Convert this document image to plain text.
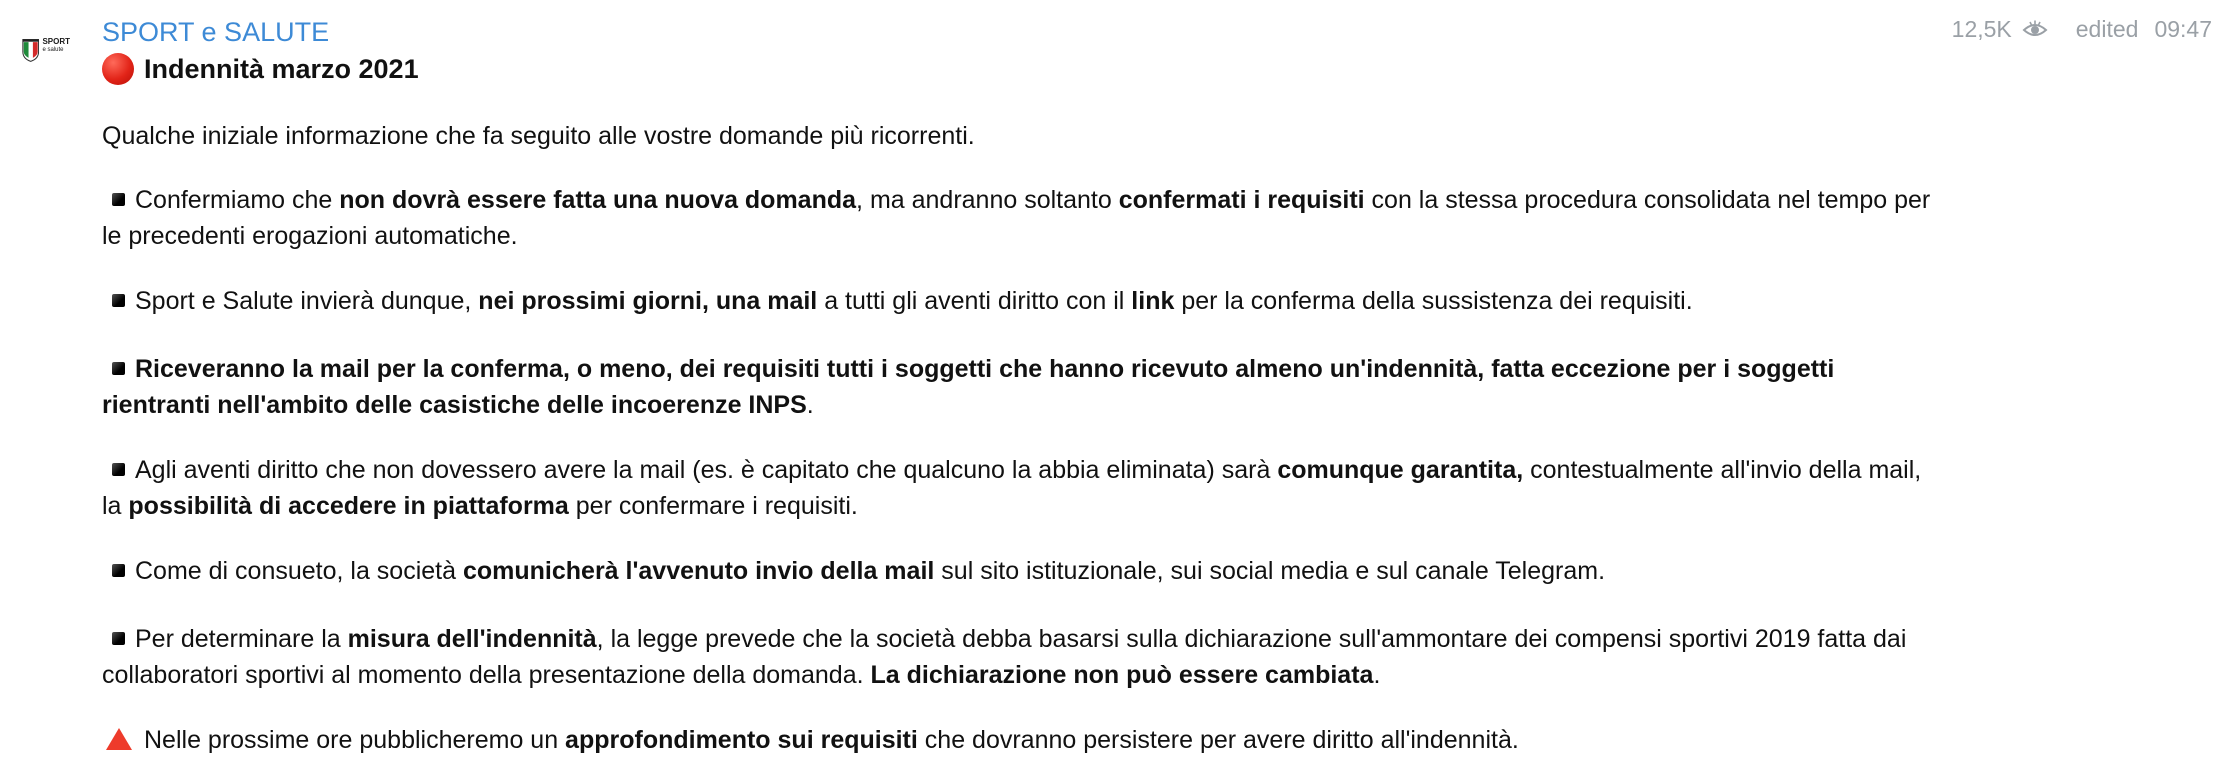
SPORT
e salute
12,5K	edited 09:47
SPORT e SALUTE
Indennità marzo 2021

Qualche iniziale informazione che fa seguito alle vostre domande più ricorrenti.

Confermiamo che non dovrà essere fatta una nuova domanda, ma andranno soltanto confermati i requisiti con la stessa procedura consolidata nel tempo per
le precedenti erogazioni automatiche.

Sport e Salute invierà dunque, nei prossimi giorni, una mail a tutti gli aventi diritto con il link per la conferma della sussistenza dei requisiti.

Riceveranno la mail per la conferma, o meno, dei requisiti tutti i soggetti che hanno ricevuto almeno un'indennità, fatta eccezione per i soggetti
rientranti nell'ambito delle casistiche delle incoerenze INPS.

Agli aventi diritto che non dovessero avere la mail (es. è capitato che qualcuno la abbia eliminata) sarà comunque garantita, contestualmente all'invio della mail,
la possibilità di accedere in piattaforma per confermare i requisiti.

Come di consueto, la società comunicherà l'avvenuto invio della mail sul sito istituzionale, sui social media e sul canale Telegram.

Per determinare la misura dell'indennità, la legge prevede che la società debba basarsi sulla dichiarazione sull'ammontare dei compensi sportivi 2019 fatta dai
collaboratori sportivi al momento della presentazione della domanda. La dichiarazione non può essere cambiata.

Nelle prossime ore pubblicheremo un approfondimento sui requisiti che dovranno persistere per avere diritto all'indennità.
